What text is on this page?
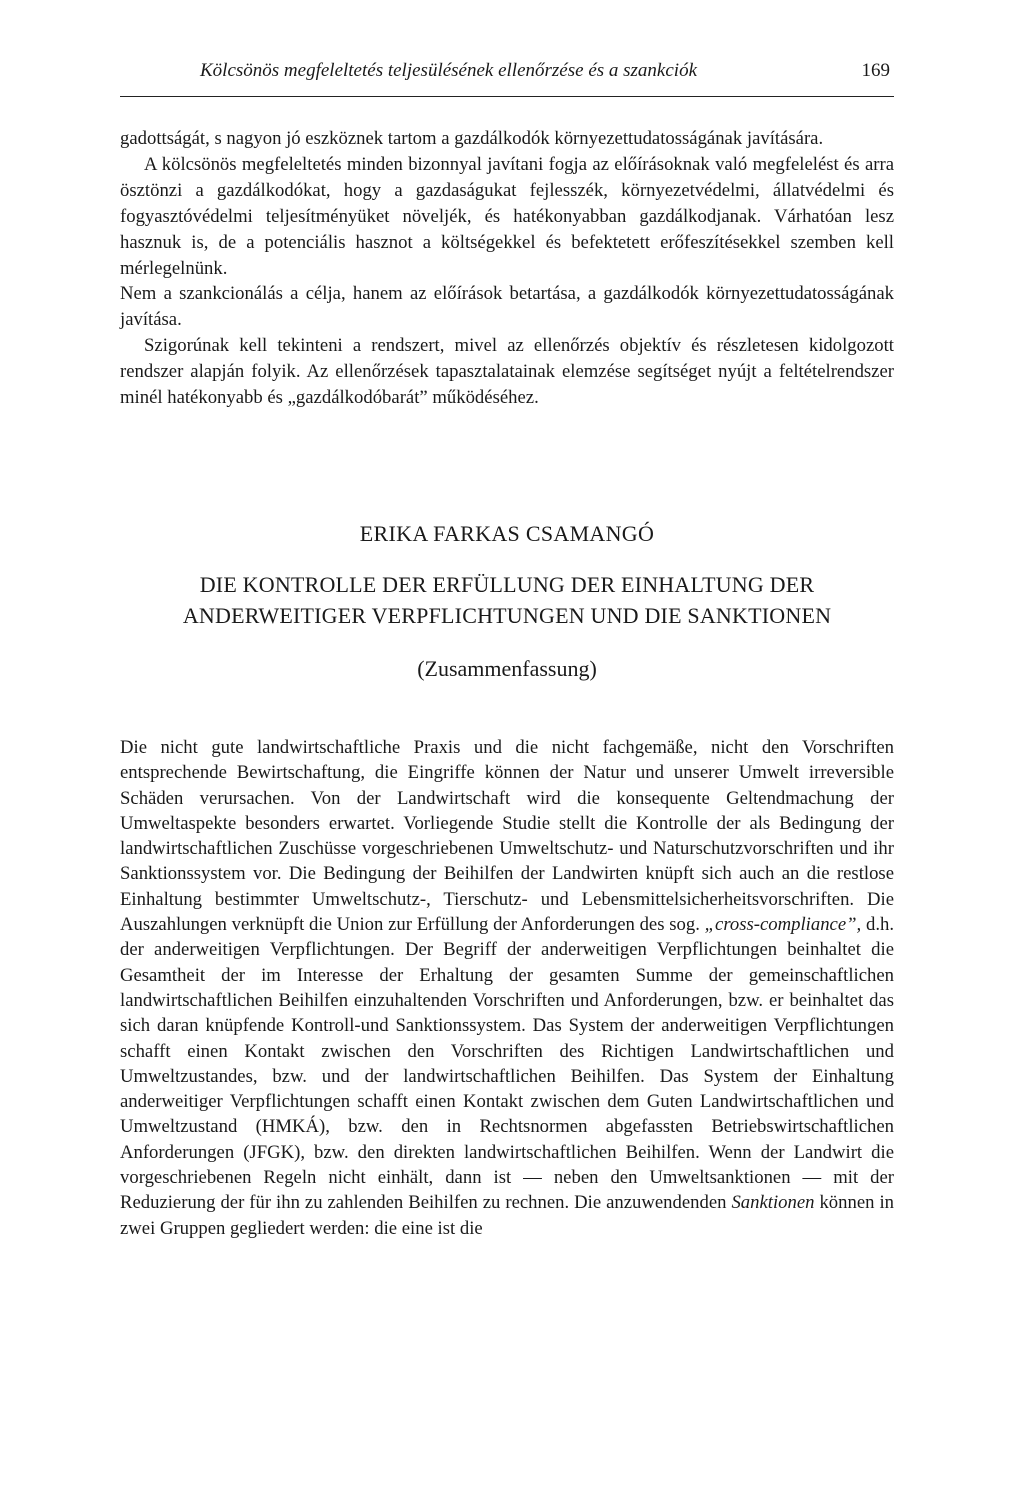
Kölcsönös megfeleltetés teljesülésének ellenőrzése és a szankciók	169

gadottságát, s nagyon jó eszköznek tartom a gazdálkodók környezettudatosságának javítására.

A kölcsönös megfeleltetés minden bizonnyal javítani fogja az előírásoknak való megfelelést és arra ösztönzi a gazdálkodókat, hogy a gazdaságukat fejlesszék, környezetvédelmi, állatvédelmi és fogyasztóvédelmi teljesítményüket növeljék, és hatékonyabban gazdálkodjanak. Várhatóan lesz hasznuk is, de a potenciális hasznot a költségekkel és befektetett erőfeszítésekkel szemben kell mérlegelnünk.

Nem a szankcionálás a célja, hanem az előírások betartása, a gazdálkodók környezettudatosságának javítása.

Szigorúnak kell tekinteni a rendszert, mivel az ellenőrzés objektív és részletesen kidolgozott rendszer alapján folyik. Az ellenőrzések tapasztalatainak elemzése segítséget nyújt a feltételrendszer minél hatékonyabb és „gazdálkodóbarát” működéséhez.

ERIKA FARKAS CSAMANGÓ
DIE KONTROLLE DER ERFÜLLUNG DER EINHALTUNG DER
ANDERWEITIGER VERPFLICHTUNGEN UND DIE SANKTIONEN
(Zusammenfassung)

Die nicht gute landwirtschaftliche Praxis und die nicht fachgemäße, nicht den Vorschriften entsprechende Bewirtschaftung, die Eingriffe können der Natur und unserer Umwelt irreversible Schäden verursachen. Von der Landwirtschaft wird die konsequente Geltendmachung der Umweltaspekte besonders erwartet. Vorliegende Studie stellt die Kontrolle der als Bedingung der landwirtschaftlichen Zuschüsse vorgeschriebenen Umweltschutz- und Naturschutzvorschriften und ihr Sanktionssystem vor. Die Bedingung der Beihilfen der Landwirten knüpft sich auch an die restlose Einhaltung bestimmter Umweltschutz-, Tierschutz- und Lebensmittelsicherheitsvorschriften. Die Auszahlungen verknüpft die Union zur Erfüllung der Anforderungen des sog. „cross-compliance”, d.h. der anderweitigen Verpflichtungen. Der Begriff der anderweitigen Verpflichtungen beinhaltet die Gesamtheit der im Interesse der Erhaltung der gesamten Summe der gemeinschaftlichen landwirtschaftlichen Beihilfen einzuhaltenden Vorschriften und Anforderungen, bzw. er beinhaltet das sich daran knüpfende Kontroll-und Sanktionssystem. Das System der anderweitigen Verpflichtungen schafft einen Kontakt zwischen den Vorschriften des Richtigen Landwirtschaftlichen und Umweltzustandes, bzw. und der landwirtschaftlichen Beihilfen. Das System der Einhaltung anderweitiger Verpflichtungen schafft einen Kontakt zwischen dem Guten Landwirtschaftlichen und Umweltzustand (HMKÁ), bzw. den in Rechtsnormen abgefassten Betriebswirtschaftlichen Anforderungen (JFGK), bzw. den direkten landwirtschaftlichen Beihilfen. Wenn der Landwirt die vorgeschriebenen Regeln nicht einhält, dann ist — neben den Umweltsanktionen — mit der Reduzierung der für ihn zu zahlenden Beihilfen zu rechnen. Die anzuwendenden Sanktionen können in zwei Gruppen gegliedert werden: die eine ist die
